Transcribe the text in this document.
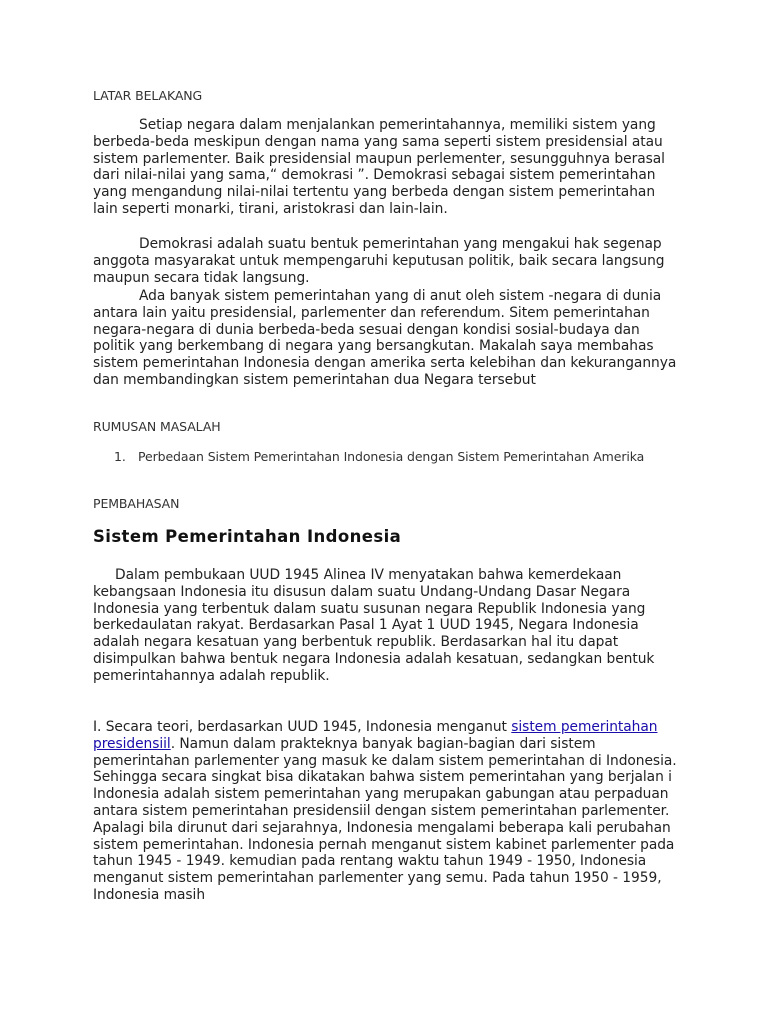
LATAR BELAKANG

Setiap negara dalam menjalankan pemerintahannya, memiliki sistem yang berbeda-beda meskipun dengan nama yang sama seperti sistem presidensial atau sistem parlementer. Baik presidensial maupun perlementer, sesungguhnya berasal dari nilai-nilai yang sama,“ demokrasi ”. Demokrasi sebagai sistem pemerintahan yang mengandung nilai-nilai tertentu yang berbeda dengan sistem pemerintahan lain seperti monarki, tirani, aristokrasi dan lain-lain.

Demokrasi adalah suatu bentuk pemerintahan yang mengakui hak segenap anggota masyarakat untuk mempengaruhi keputusan politik, baik secara langsung maupun secara tidak langsung.

Ada banyak sistem pemerintahan yang di anut oleh sistem -negara di dunia antara lain yaitu presidensial, parlementer dan referendum. Sitem pemerintahan negara-negara di dunia berbeda-beda sesuai dengan kondisi sosial-budaya dan politik yang berkembang di negara yang bersangkutan. Makalah saya membahas sistem pemerintahan Indonesia dengan amerika serta kelebihan dan kekurangannya dan membandingkan sistem pemerintahan dua Negara tersebut

RUMUSAN MASALAH

1. Perbedaan Sistem Pemerintahan Indonesia dengan Sistem Pemerintahan Amerika

PEMBAHASAN

Sistem Pemerintahan Indonesia

Dalam pembukaan UUD 1945 Alinea IV menyatakan bahwa kemerdekaan kebangsaan Indonesia itu disusun dalam suatu Undang-Undang Dasar Negara Indonesia yang terbentuk dalam suatu susunan negara Republik Indonesia yang berkedaulatan rakyat. Berdasarkan Pasal 1 Ayat 1 UUD 1945, Negara Indonesia adalah negara kesatuan yang berbentuk republik. Berdasarkan hal itu dapat disimpulkan bahwa bentuk negara Indonesia adalah kesatuan, sedangkan bentuk pemerintahannya adalah republik.

I. Secara teori, berdasarkan UUD 1945, Indonesia menganut sistem pemerintahan presidensiil. Namun dalam prakteknya banyak bagian-bagian dari sistem pemerintahan parlementer yang masuk ke dalam sistem pemerintahan di Indonesia. Sehingga secara singkat bisa dikatakan bahwa sistem pemerintahan yang berjalan i Indonesia adalah sistem pemerintahan yang merupakan gabungan atau perpaduan antara sistem pemerintahan presidensiil dengan sistem pemerintahan parlementer. Apalagi bila dirunut dari sejarahnya, Indonesia mengalami beberapa kali perubahan sistem pemerintahan. Indonesia pernah menganut sistem kabinet parlementer pada tahun 1945 - 1949. kemudian pada rentang waktu tahun 1949 - 1950, Indonesia menganut sistem pemerintahan parlementer yang semu. Pada tahun 1950 - 1959, Indonesia masih
